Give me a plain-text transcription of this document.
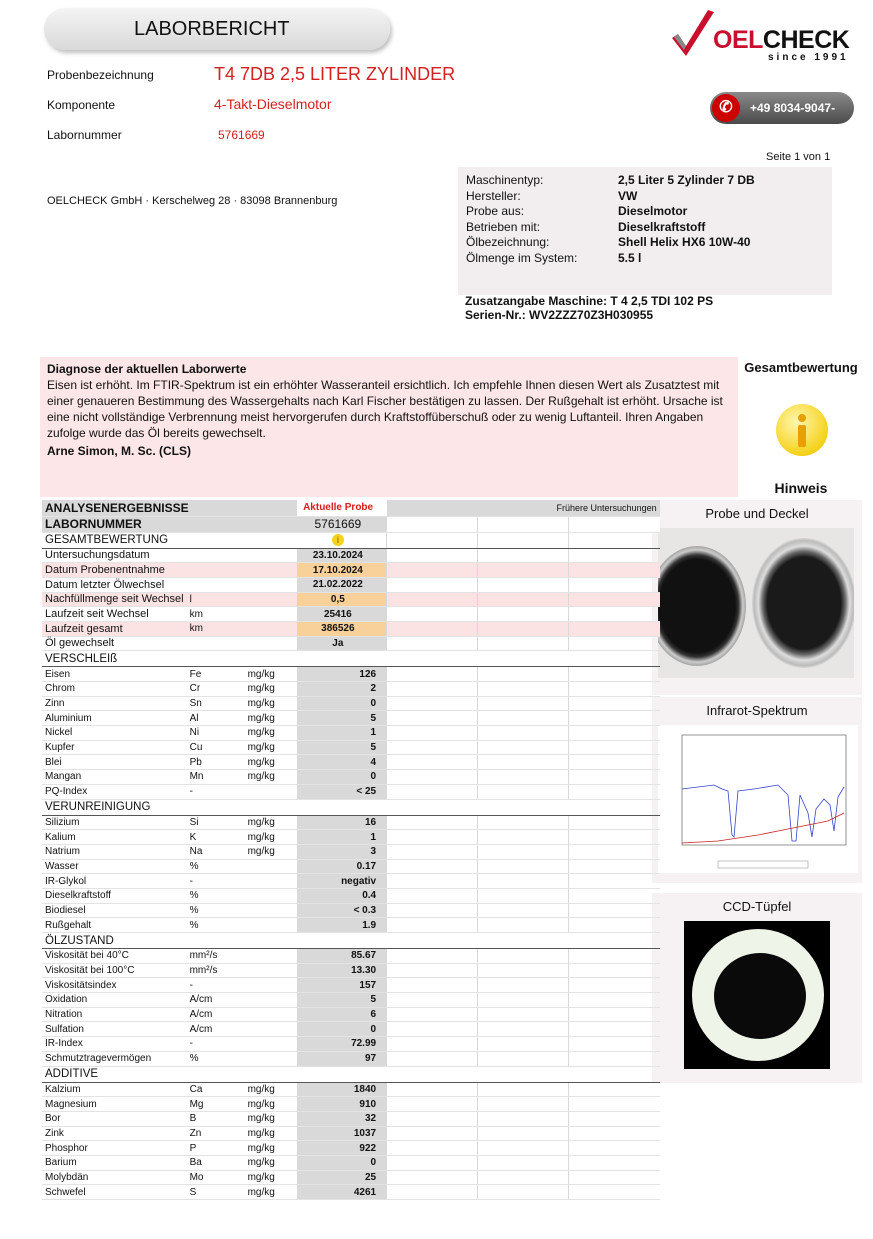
LABORBERICHT	OELCHECK
since 1991
✆	+49 8034-9047-210
Probenbezeichnung	T4 7DB 2,5 LITER ZYLINDER
Komponente	4-Takt-Dieselmotor
Labornummer	5761669
Seite 1 von 1
OELCHECK GmbH · Kerschelweg 28 · 83098 Brannenburg
Maschinentyp:	2,5 Liter 5 Zylinder 7 DB
Hersteller:	VW
Probe aus:	Dieselmotor
Betrieben mit:	Dieselkraftstoff
Ölbezeichnung:	Shell Helix HX6 10W-40
Ölmenge im System:	5.5 l
Zusatzangabe Maschine: T 4 2,5 TDI 102 PS
Serien-Nr.: WV2ZZZ70Z3H030955
Diagnose der aktuellen Laborwerte
Eisen ist erhöht. Im FTIR-Spektrum ist ein erhöhter Wasseranteil ersichtlich. Ich empfehle Ihnen diesen Wert als Zusatztest mit einer genaueren Bestimmung des Wassergehalts nach Karl Fischer bestätigen zu lassen. Der Rußgehalt ist erhöht. Ursache ist eine nicht vollständige Verbrennung meist hervorgerufen durch Kraftstoffüberschuß oder zu wenig Luftanteil. Ihren Angaben zufolge wurde das Öl bereits gewechselt.
Arne Simon, M. Sc. (CLS)
Gesamtbewertung
Hinweis
Probe und Deckel
Infrarot-Spektrum
CCD-Tüpfel
ANALYSENERGEBNISSE			Aktuelle Probe	Frühere Untersuchungen		
LABORNUMMER			5761669			
GESAMTBEWERTUNG			i			
Untersuchungsdatum			23.10.2024			
Datum Probenentnahme			17.10.2024			
Datum letzter Ölwechsel			21.02.2022			
Nachfüllmenge seit Wechsel	l		0,5			
Laufzeit seit Wechsel	km		25416			
Laufzeit gesamt	km		386526			
Öl gewechselt			Ja			
VERSCHLEIß						
Eisen	Fe	mg/kg	126			
Chrom	Cr	mg/kg	2			
Zinn	Sn	mg/kg	0			
Aluminium	Al	mg/kg	5			
Nickel	Ni	mg/kg	1			
Kupfer	Cu	mg/kg	5			
Blei	Pb	mg/kg	4			
Mangan	Mn	mg/kg	0			
PQ-Index	-		< 25			
VERUNREINIGUNG						
Silizium	Si	mg/kg	16			
Kalium	K	mg/kg	1			
Natrium	Na	mg/kg	3			
Wasser	%		0.17			
IR-Glykol	-		negativ			
Dieselkraftstoff	%		0.4			
Biodiesel	%		< 0.3			
Rußgehalt	%		1.9			
ÖLZUSTAND						
Viskosität bei 40°C	mm²/s		85.67			
Viskosität bei 100°C	mm²/s		13.30			
Viskositätsindex	-		157			
Oxidation	A/cm		5			
Nitration	A/cm		6			
Sulfation	A/cm		0			
IR-Index	-		72.99			
Schmutztragevermögen	%		97			
ADDITIVE						
Kalzium	Ca	mg/kg	1840			
Magnesium	Mg	mg/kg	910			
Bor	B	mg/kg	32			
Zink	Zn	mg/kg	1037			
Phosphor	P	mg/kg	922			
Barium	Ba	mg/kg	0			
Molybdän	Mo	mg/kg	25			
Schwefel	S	mg/kg	4261			
